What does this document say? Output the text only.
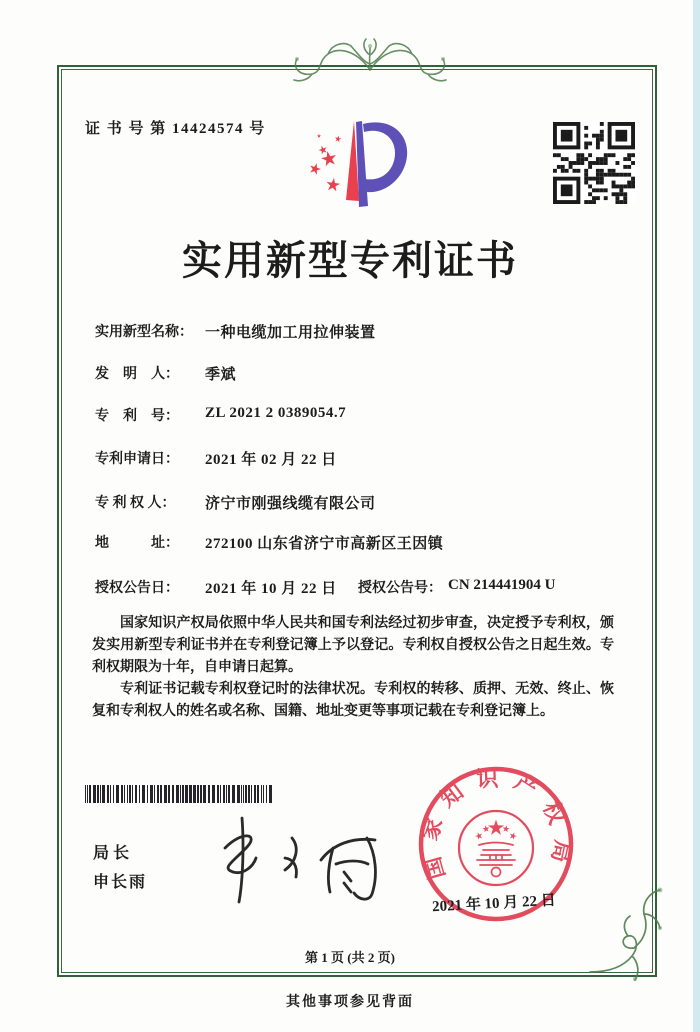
证 书 号 第 14424574 号
实用新型专利证书
实用新型名称： 一种电缆加工用拉伸装置
发　明　人： 季斌
专　利　号： ZL 2021 2 0389054.7
专利申请日： 2021 年 02 月 22 日
专 利 权 人： 济宁市刚强线缆有限公司
地　　　址： 272100 山东省济宁市高新区王因镇
授权公告日： 2021 年 10 月 22 日 授权公告号： CN 214441904 U

国家知识产权局依照中华人民共和国专利法经过初步审查，决定授予专利权，颁发实用新型专利证书并在专利登记簿上予以登记。专利权自授权公告之日起生效。专利权期限为十年，自申请日起算。

专利证书记载专利权登记时的法律状况。专利权的转移、质押、无效、终止、恢复和专利权人的姓名或名称、国籍、地址变更等事项记载在专利登记簿上。

局长
申长雨
国家知识产权局
2021 年 10 月 22 日
第 1 页 (共 2 页)
其他事项参见背面
